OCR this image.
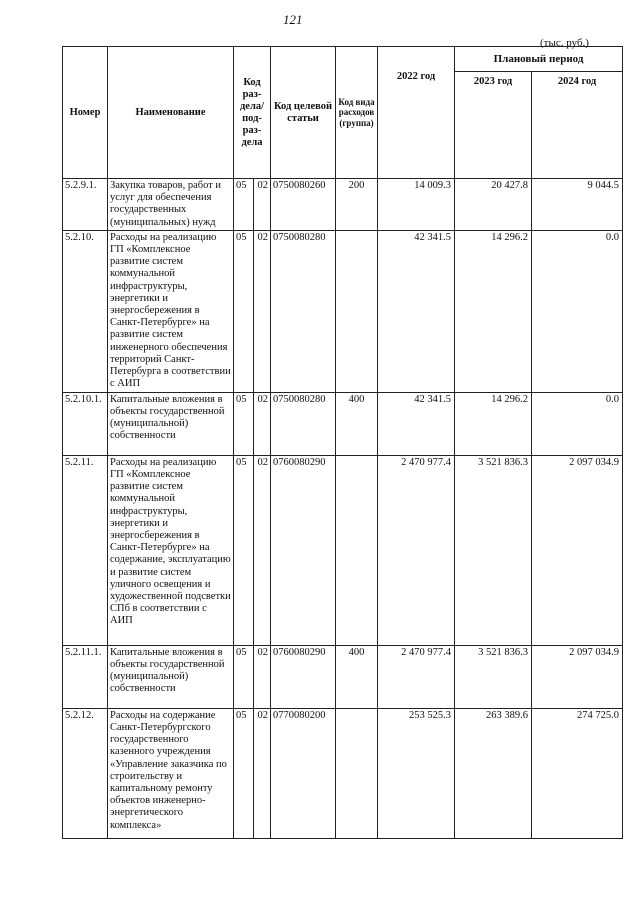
121
(тыс. руб.)
Номер	Наименование	Код раз-дела/ под-раз-дела		Код целевой статьи	Код вида расходов (группа)	2022 год	Плановый период	
							2023 год	2024 год
5.2.9.1.	Закупка товаров, работ и услуг для обеспечения государственных (муниципальных) нужд	05	02	0750080260	200	14 009.3	20 427.8	9 044.5
5.2.10.	Расходы на реализацию ГП «Комплексное развитие систем коммунальной инфраструктуры, энергетики и энергосбережения в Санкт-Петербурге» на развитие систем инженерного обеспечения территорий Санкт-Петербурга в соответствии с АИП	05	02	0750080280		42 341.5	14 296.2	0.0
5.2.10.1.	Капитальные вложения в объекты государственной (муниципальной) собственности	05	02	0750080280	400	42 341.5	14 296.2	0.0
5.2.11.	Расходы на реализацию ГП «Комплексное развитие систем коммунальной инфраструктуры, энергетики и энергосбережения в Санкт-Петербурге» на содержание, эксплуатацию и развитие систем уличного освещения и художественной подсветки СПб в соответствии с АИП	05	02	0760080290		2 470 977.4	3 521 836.3	2 097 034.9
5.2.11.1.	Капитальные вложения в объекты государственной (муниципальной) собственности	05	02	0760080290	400	2 470 977.4	3 521 836.3	2 097 034.9
5.2.12.	Расходы на содержание Санкт-Петербургского государственного казенного учреждения «Управление заказчика по строительству и капитальному ремонту объектов инженерно-энергетического комплекса»	05	02	0770080200		253 525.3	263 389.6	274 725.0
